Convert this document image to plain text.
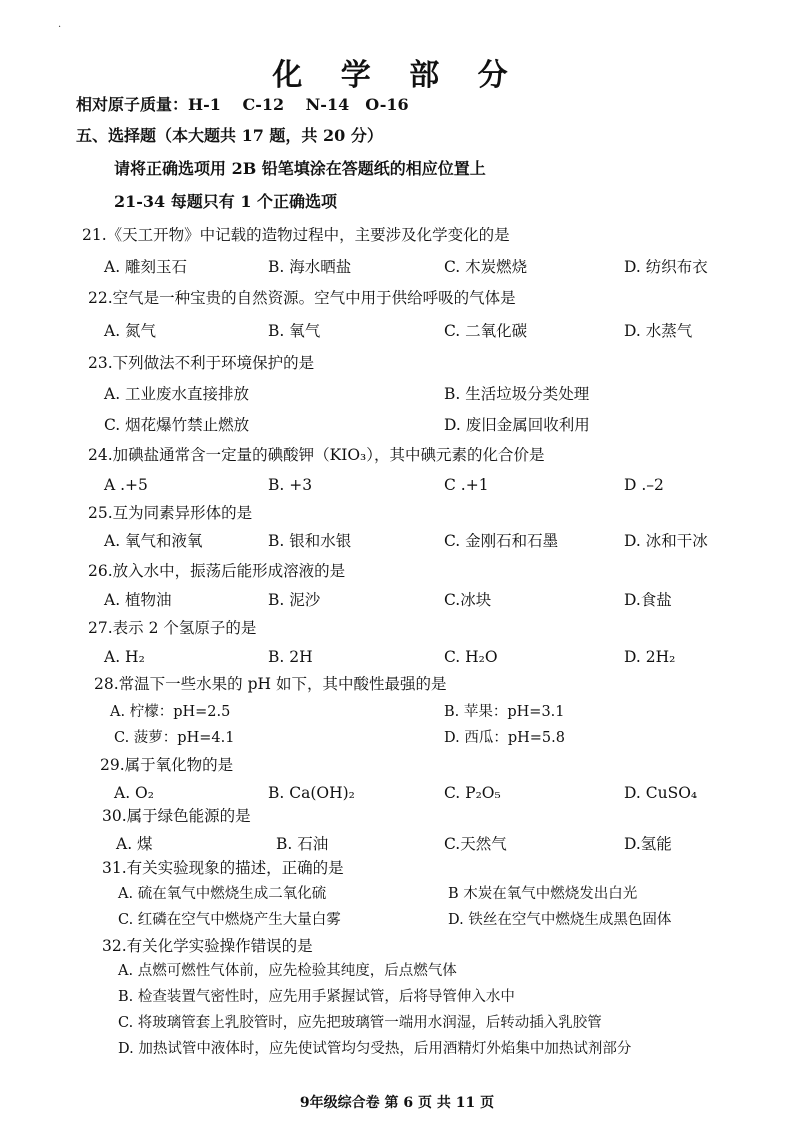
·
化 学 部 分
相对原子质量：H-1　 C-12　 N-14　O-16
五、选择题（本大题共 17 题，共 20 分）
请将正确选项用 2B 铅笔填涂在答题纸的相应位置上
21-34 每题只有 1 个正确选项
21.《天工开物》中记载的造物过程中，主要涉及化学变化的是
A. 雕刻玉石	B. 海水晒盐	C. 木炭燃烧	D. 纺织布衣
22.空气是一种宝贵的自然资源。空气中用于供给呼吸的气体是
A. 氮气	B. 氧气	C. 二氧化碳	D. 水蒸气
23.下列做法不利于环境保护的是
A. 工业废水直接排放	B. 生活垃圾分类处理
C. 烟花爆竹禁止燃放	D. 废旧金属回收利用
24.加碘盐通常含一定量的碘酸钾（KIO₃），其中碘元素的化合价是
A .+5	B. +3	C .+1	D .–2
25.互为同素异形体的是
A. 氧气和液氧	B. 银和水银	C. 金刚石和石墨	D. 冰和干冰
26.放入水中，振荡后能形成溶液的是
A. 植物油	B. 泥沙	C.冰块	D.食盐
27.表示 2 个氢原子的是
A. H₂	B. 2H	C. H₂O	D. 2H₂
28.常温下一些水果的 pH 如下，其中酸性最强的是
A. 柠檬：pH=2.5	B. 苹果：pH=3.1
C. 菠萝：pH=4.1	D. 西瓜：pH=5.8
29.属于氧化物的是
A. O₂	B. Ca(OH)₂	C. P₂O₅	D. CuSO₄
30.属于绿色能源的是
A. 煤	B. 石油	C.天然气	D.氢能
31.有关实验现象的描述，正确的是
A. 硫在氧气中燃烧生成二氧化硫	B 木炭在氧气中燃烧发出白光
C. 红磷在空气中燃烧产生大量白雾	D. 铁丝在空气中燃烧生成黑色固体
32.有关化学实验操作错误的是
A. 点燃可燃性气体前，应先检验其纯度，后点燃气体
B. 检查装置气密性时，应先用手紧握试管，后将导管伸入水中
C. 将玻璃管套上乳胶管时，应先把玻璃管一端用水润湿，后转动插入乳胶管
D. 加热试管中液体时，应先使试管均匀受热，后用酒精灯外焰集中加热试剂部分
9年级综合卷 第 6 页 共 11 页
